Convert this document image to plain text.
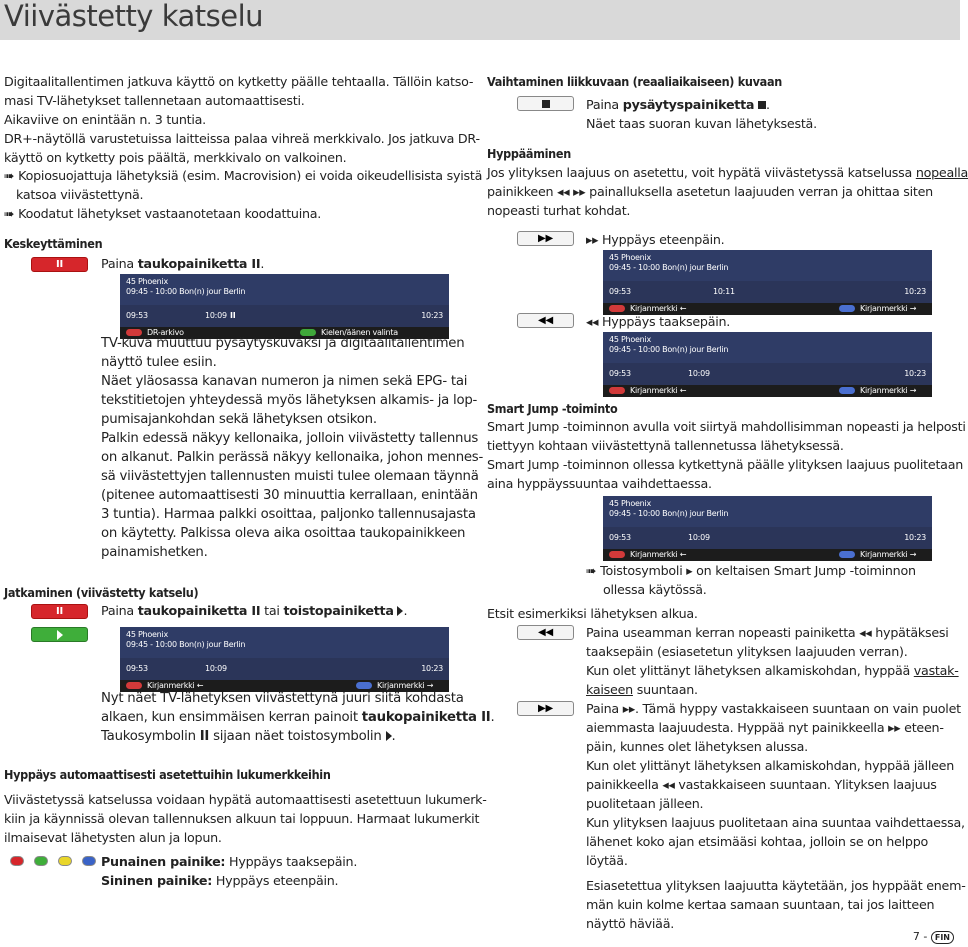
Viivästetty katselu
Digitaalitallentimen jatkuva käyttö on kytketty päälle tehtaalla. Tällöin katso-
masi TV-lähetykset tallennetaan automaattisesti.
Aikaviive on enintään n. 3 tuntia.
DR+-näytöllä varustetuissa laitteissa palaa vihreä merkkivalo. Jos jatkuva DR-
käyttö on kytketty pois päältä, merkkivalo on valkoinen.
➠ Kopiosuojattuja lähetyksiä (esim. Macrovision) ei voida oikeudellisista syistä
katsoa viivästettynä.
➠ Koodatut lähetykset vastaanotetaan koodattuina.
Keskeyttäminen
II	Paina taukopainiketta II.
45 Phoenix
09:45 - 10:00 Bon(n) jour Berlin
09:53	10:09 II	10:23
DR-arkivo	Kielen/äänen valinta
TV-kuva muuttuu pysäytyskuvaksi ja digitaalitallentimen
näyttö tulee esiin.
Näet yläosassa kanavan numeron ja nimen sekä EPG- tai
tekstitietojen yhteydessä myös lähetyksen alkamis- ja lop-
pumisajankohdan sekä lähetyksen otsikon.
Palkin edessä näkyy kellonaika, jolloin viivästetty tallennus
on alkanut. Palkin perässä näkyy kellonaika, johon mennes-
sä viivästettyjen tallennusten muisti tulee olemaan täynnä
(pitenee automaattisesti 30 minuuttia kerrallaan, enintään
3 tuntia). Harmaa palkki osoittaa, paljonko tallennusajasta
on käytetty. Palkissa oleva aika osoittaa taukopainikkeen
painamishetken.
Jatkaminen (viivästetty katselu)
II	Paina taukopainiketta II tai toistopainiketta .
45 Phoenix
09:45 - 10:00 Bon(n) jour Berlin
09:53	10:09	10:23
Kirjanmerkki ←	Kirjanmerkki →
Nyt näet TV-lähetyksen viivästettynä juuri siitä kohdasta
alkaen, kun ensimmäisen kerran painoit taukopainiketta II.
Taukosymbolin II sijaan näet toistosymbolin .
Hyppäys automaattisesti asetettuihin lukumerkkeihin
Viivästetyssä katselussa voidaan hypätä automaattisesti asetettuun lukumerk-
kiin ja käynnissä olevan tallennuksen alkuun tai loppuun. Harmaat lukumerkit
ilmaisevat lähetysten alun ja lopun.
Punainen painike: Hyppäys taaksepäin.
Sininen painike: Hyppäys eteenpäin.
Vaihtaminen liikkuvaan (reaaliaikaiseen) kuvaan
Paina pysäytyspainiketta .
Näet taas suoran kuvan lähetyksestä.
Hyppääminen
Jos ylityksen laajuus on asetettu, voit hypätä viivästetyssä katselussa nopealla
painikkeen ◂◂ ▸▸ painalluksella asetetun laajuuden verran ja ohittaa siten
nopeasti turhat kohdat.
▶▶	▸▸ Hyppäys eteenpäin.
45 Phoenix
09:45 - 10:00 Bon(n) jour Berlin
09:53	10:11	10:23
Kirjanmerkki ←	Kirjanmerkki →
◀◀	◂◂ Hyppäys taaksepäin.
45 Phoenix
09:45 - 10:00 Bon(n) jour Berlin
09:53	10:09	10:23
Kirjanmerkki ←	Kirjanmerkki →
Smart Jump -toiminto
Smart Jump -toiminnon avulla voit siirtyä mahdollisimman nopeasti ja helposti
tiettyyn kohtaan viivästettynä tallennetussa lähetyksessä.
Smart Jump -toiminnon ollessa kytkettynä päälle ylityksen laajuus puolitetaan
aina hyppäyssuuntaa vaihdettaessa.
45 Phoenix
09:45 - 10:00 Bon(n) jour Berlin
09:53	10:09	10:23
Kirjanmerkki ←	Kirjanmerkki →
➠ Toistosymboli ▸ on keltaisen Smart Jump -toiminnon
ollessa käytössä.
Etsit esimerkiksi lähetyksen alkua.
◀◀	Paina useamman kerran nopeasti painiketta ◂◂ hypätäksesi
taaksepäin (esiasetetun ylityksen laajuuden verran).
Kun olet ylittänyt lähetyksen alkamiskohdan, hyppää vastak-
kaiseen suuntaan.
▶▶	Paina ▸▸. Tämä hyppy vastakkaiseen suuntaan on vain puolet
aiemmasta laajuudesta. Hyppää nyt painikkeella ▸▸ eteen-
päin, kunnes olet lähetyksen alussa.
Kun olet ylittänyt lähetyksen alkamiskohdan, hyppää jälleen
painikkeella ◂◂ vastakkaiseen suuntaan. Ylityksen laajuus
puolitetaan jälleen.
Kun ylityksen laajuus puolitetaan aina suuntaa vaihdettaessa,
lähenet koko ajan etsimääsi kohtaa, jolloin se on helppo
löytää.
Esiasetettua ylityksen laajuutta käytetään, jos hyppäät enem-
män kuin kolme kertaa samaan suuntaan, tai jos laitteen
näyttö häviää.
7 - FIN
